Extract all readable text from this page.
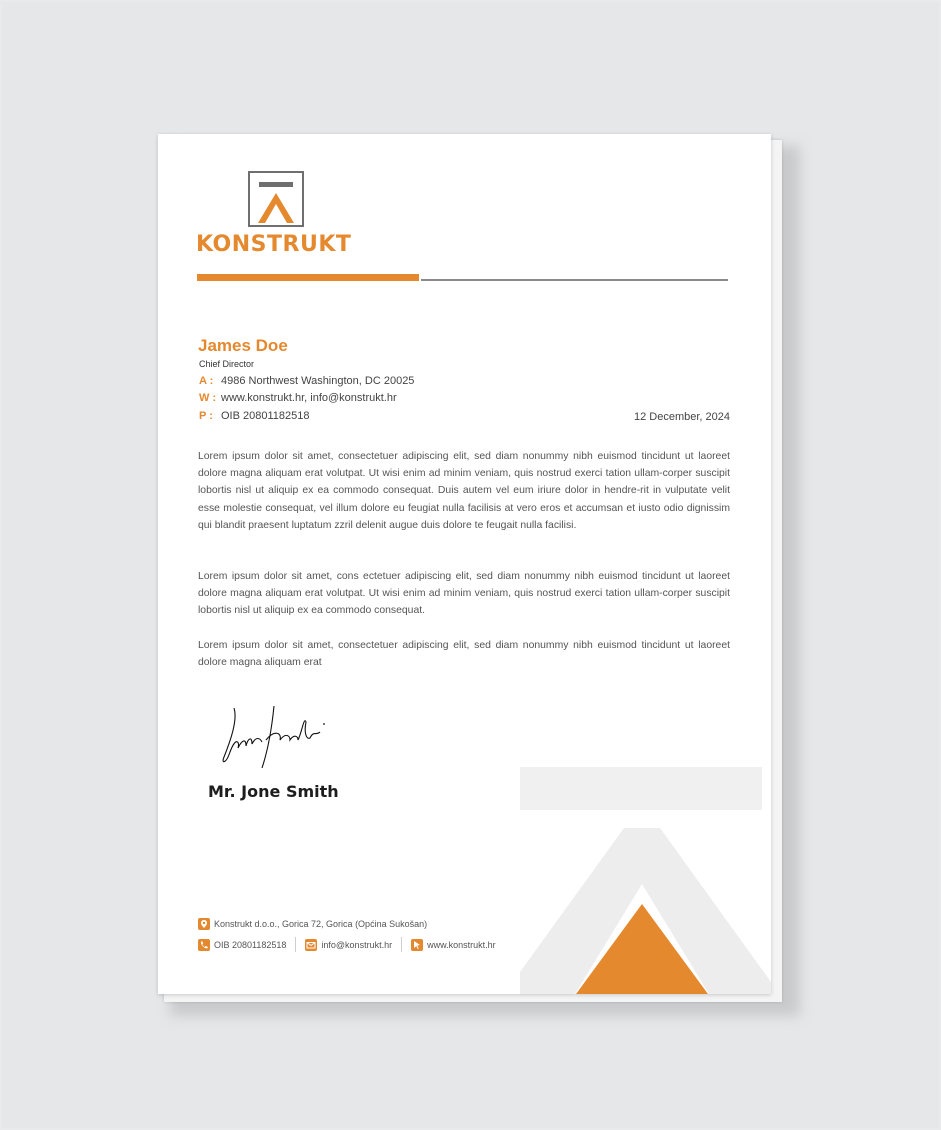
KONSTRUKT
James Doe
Chief Director
A : 4986 Northwest Washington, DC 20025
W : www.konstrukt.hr, info@konstrukt.hr
P : OIB 20801182518	12 December, 2024

Lorem ipsum dolor sit amet, consectetuer adipiscing elit, sed diam nonummy nibh euismod tincidunt ut laoreet dolore magna aliquam erat volutpat. Ut wisi enim ad minim veniam, quis nostrud exerci tation ullam-corper suscipit lobortis nisl ut aliquip ex ea commodo consequat. Duis autem vel eum iriure dolor in hendre-rit in vulputate velit esse molestie consequat, vel illum dolore eu feugiat nulla facilisis at vero eros et accumsan et iusto odio dignissim qui blandit praesent luptatum zzril delenit augue duis dolore te feugait nulla facilisi.

Lorem ipsum dolor sit amet, cons ectetuer adipiscing elit, sed diam nonummy nibh euismod tincidunt ut laoreet dolore magna aliquam erat volutpat. Ut wisi enim ad minim veniam, quis nostrud exerci tation ullam-corper suscipit lobortis nisl ut aliquip ex ea commodo consequat.

Lorem ipsum dolor sit amet, consectetuer adipiscing elit, sed diam nonummy nibh euismod tincidunt ut laoreet dolore magna aliquam erat

Mr. Jone Smith
Konstrukt d.o.o., Gorica 72, Gorica (Općina Sukošan)
OIB 20801182518	info@konstrukt.hr	www.konstrukt.hr
